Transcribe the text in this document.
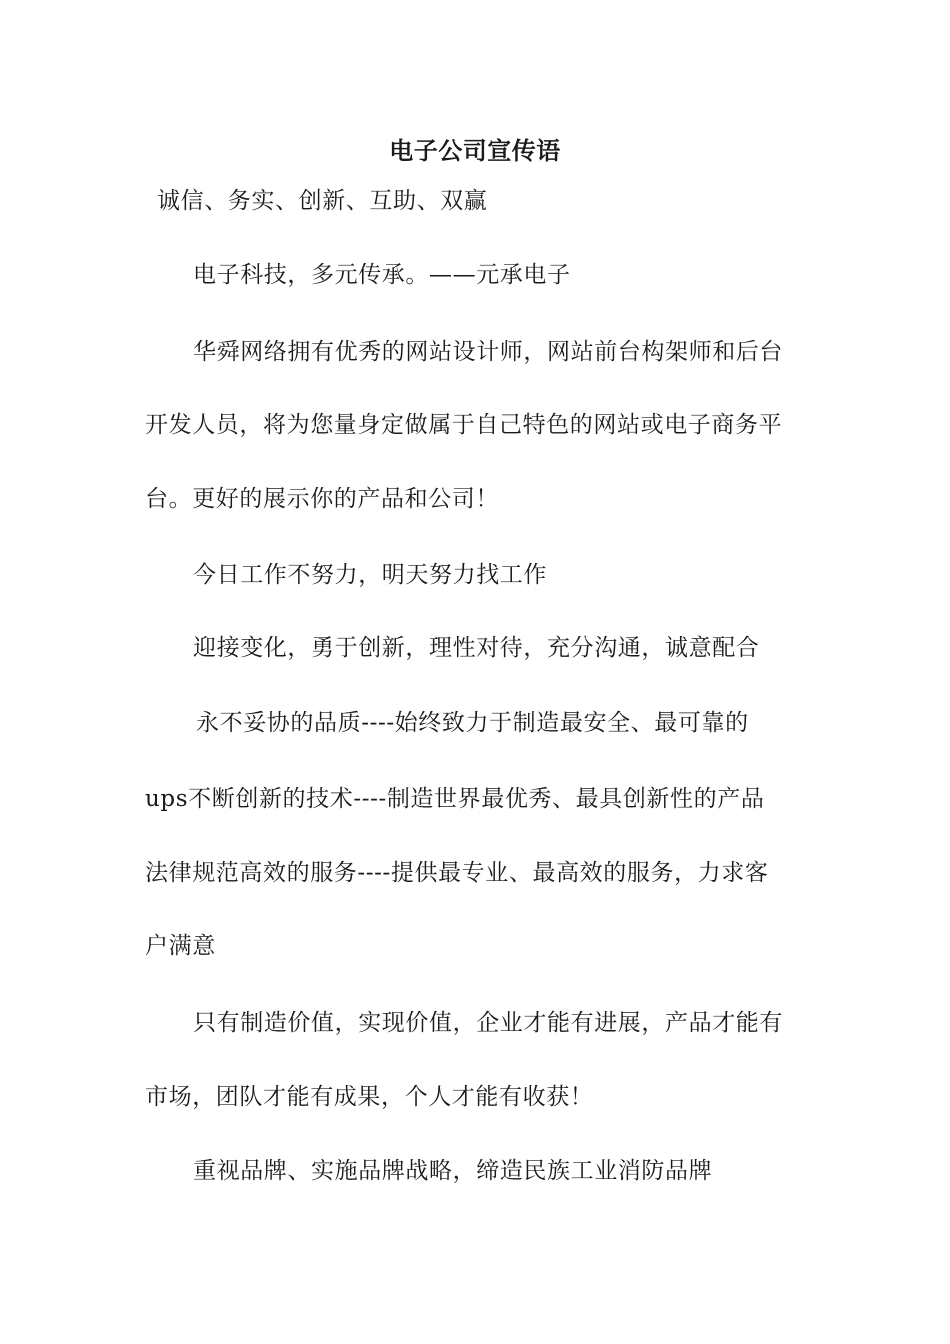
电子公司宣传语
诚信、务实、创新、互助、双赢
电子科技，多元传承。——元承电子
华舜网络拥有优秀的网站设计师，网站前台构架师和后台
开发人员，将为您量身定做属于自己特色的网站或电子商务平
台。更好的展示你的产品和公司！
今日工作不努力，明天努力找工作
迎接变化，勇于创新，理性对待，充分沟通，诚意配合
永不妥协的品质----始终致力于制造最安全、最可靠的
ups不断创新的技术----制造世界最优秀、最具创新性的产品
法律规范高效的服务----提供最专业、最高效的服务，力求客
户满意
只有制造价值，实现价值，企业才能有进展，产品才能有
市场，团队才能有成果，个人才能有收获！
重视品牌、实施品牌战略，缔造民族工业消防品牌
